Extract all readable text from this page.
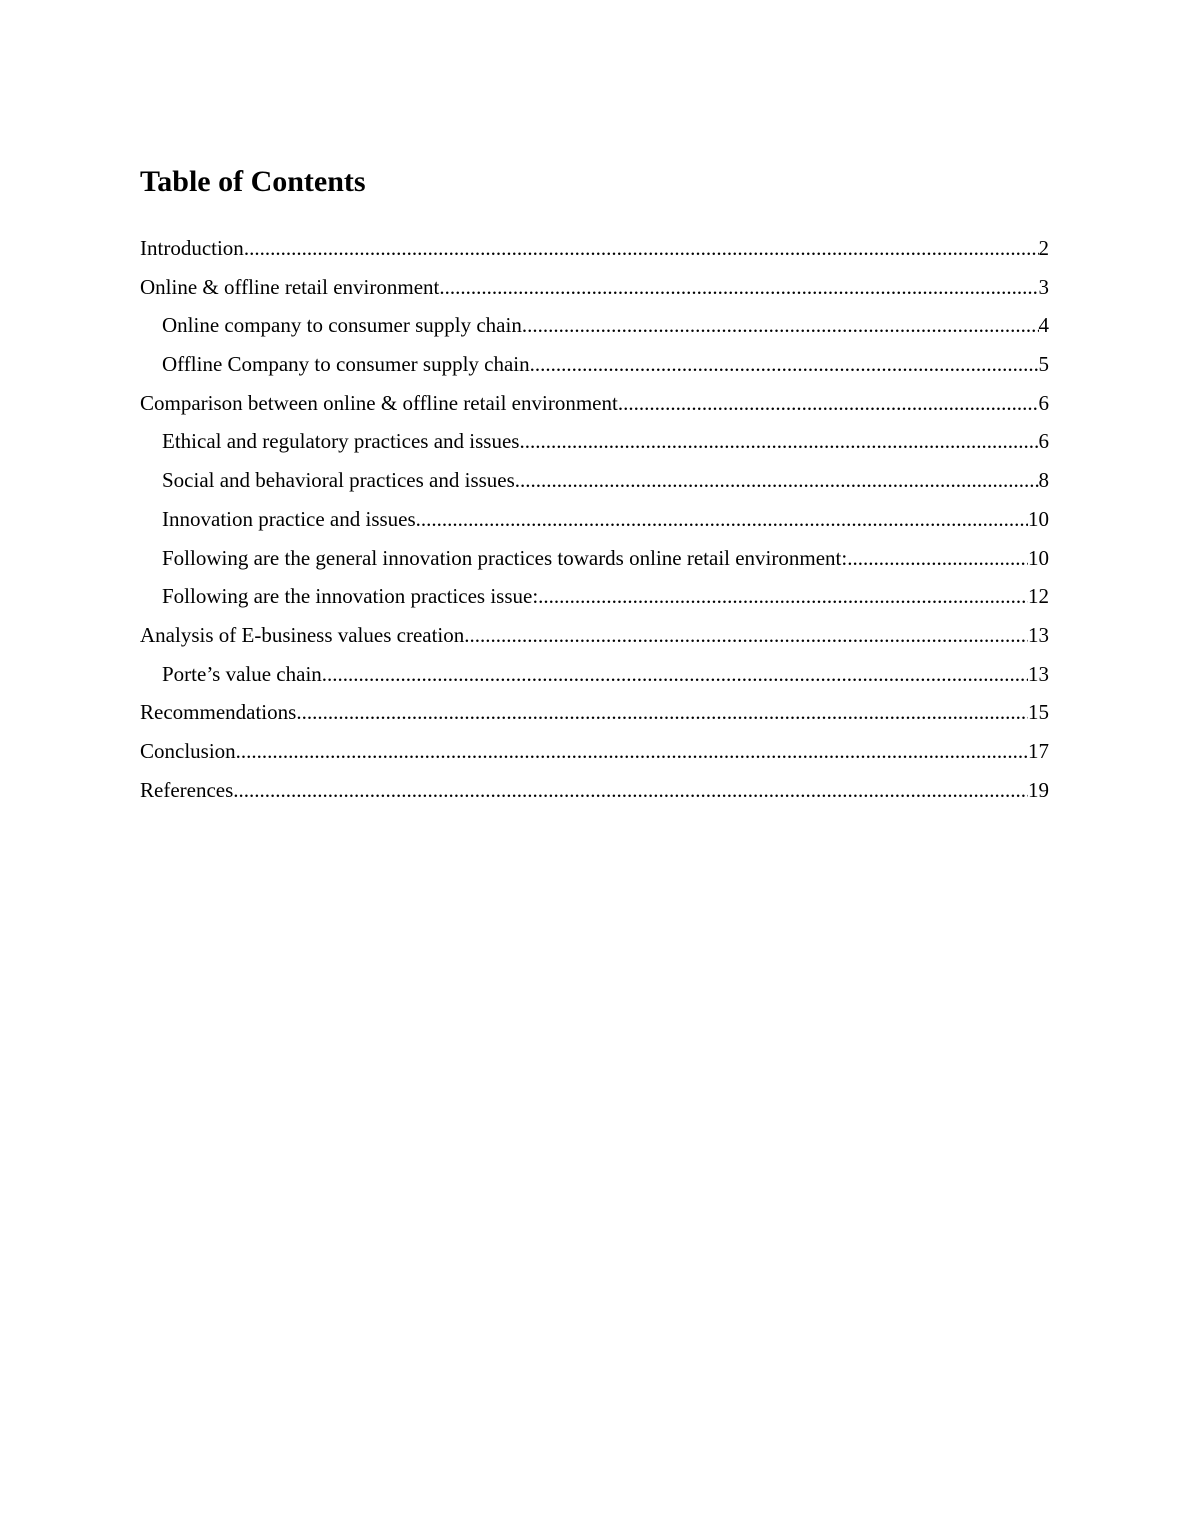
Table of Contents
Introduction .....	2
Online & offline retail environment .....	3
Online company to consumer supply chain .....	4
Offline Company to consumer supply chain .....	5
Comparison between online & offline retail environment .....	6
Ethical and regulatory practices and issues .....	6
Social and behavioral practices and issues .....	8
Innovation practice and issues .....	10
Following are the general innovation practices towards online retail environment: .....	10
Following are the innovation practices issue: .....	12
Analysis of E-business values creation .....	13
Porte’s value chain .....	13
Recommendations .....	15
Conclusion .....	17
References .....	19
